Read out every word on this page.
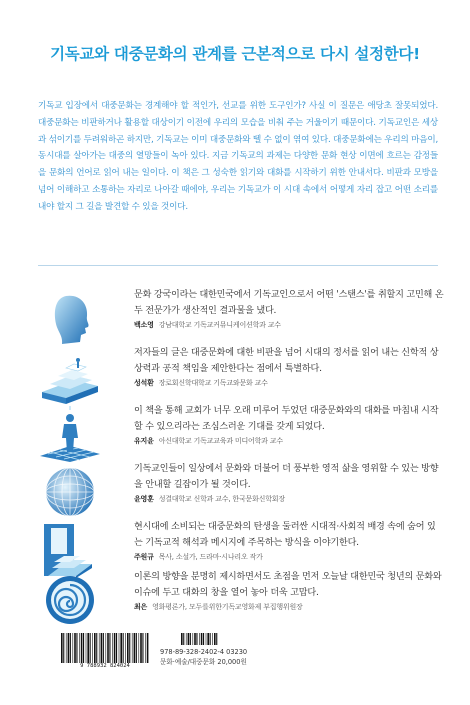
기독교와 대중문화의 관계를 근본적으로 다시 설정한다!
기독교 입장에서 대중문화는 경계해야 할 적인가, 선교를 위한 도구인가? 사실 이 질문은 애당초 잘못되었다. 대중문화는 비판하거나 활용할 대상이기 이전에 우리의 모습을 비춰 주는 거울이기 때문이다. 기독교인은 세상과 섞이기를 두려워하곤 하지만, 기독교는 이미 대중문화와 뗄 수 없이 엮여 있다. 대중문화에는 우리의 마음이, 동시대를 살아가는 대중의 열망들이 녹아 있다. 지금 기독교의 과제는 다양한 문화 현상 이면에 흐르는 감정들을 문화의 언어로 읽어 내는 일이다. 이 책은 그 성숙한 읽기와 대화를 시작하기 위한 안내서다. 비판과 모방을 넘어 이해하고 소통하는 자리로 나아갈 때에야, 우리는 기독교가 이 시대 속에서 어떻게 자리 잡고 어떤 소리를 내야 할지 그 길을 발견할 수 있을 것이다.
문화 강국이라는 대한민국에서 기독교인으로서 어떤 '스탠스'를 취할지 고민해 온 두 전문가가 생산적인 결과물을 냈다.
백소영 강남대학교 기독교커뮤니케이션학과 교수
저자들의 글은 대중문화에 대한 비판을 넘어 시대의 정서를 읽어 내는 신학적 상상력과 공적 책임을 제안한다는 점에서 특별하다.
성석환 장로회신학대학교 기독교와문화 교수
이 책을 통해 교회가 너무 오래 미루어 두었던 대중문화와의 대화를 마침내 시작할 수 있으리라는 조심스러운 기대를 갖게 되었다.
유지윤 아신대학교 기독교교육과 미디어학과 교수
기독교인들이 일상에서 문화와 더불어 더 풍부한 영적 삶을 영위할 수 있는 방향을 안내할 길잡이가 될 것이다.
윤영훈 성결대학교 신학과 교수, 한국문화신학회장
현시대에 소비되는 대중문화의 탄생을 둘러싼 시대적·사회적 배경 속에 숨어 있는 기독교적 해석과 메시지에 주목하는 방식을 이야기한다.
주원규 목사, 소설가, 드라마·시나리오 작가
이론의 방향을 분명히 제시하면서도 초점을 먼저 오늘날 대한민국 청년의 문화와 이슈에 두고 대화의 창을 열어 놓아 더욱 고맙다.
최은 영화평론가, 모두를위한기독교영화제 부집행위원장
9 788932 824024
978-89-328-2402-4 03230
문화·예술/대중문화 20,000원
